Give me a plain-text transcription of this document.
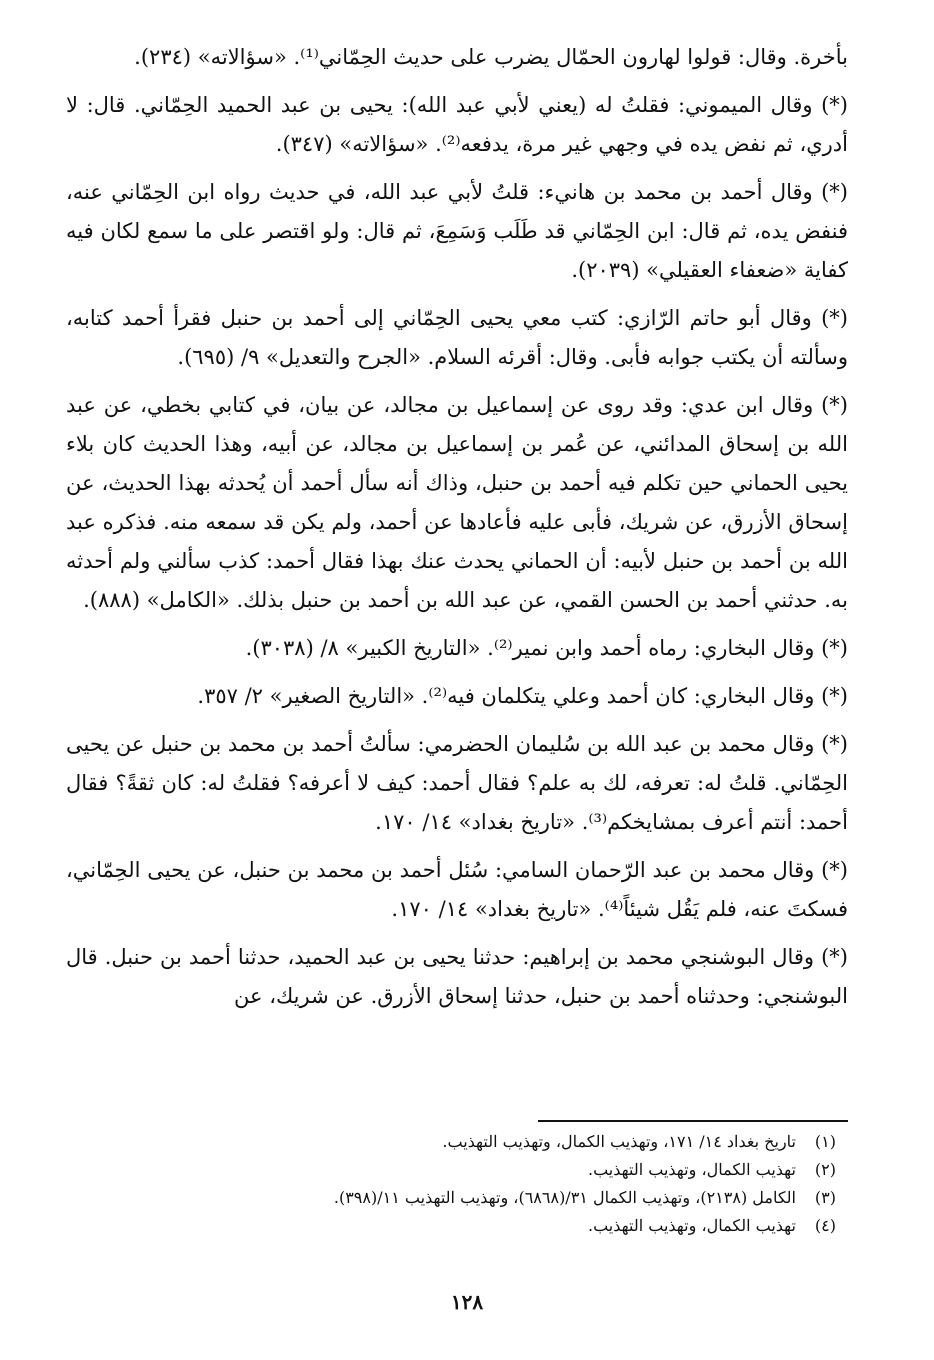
بأخرة. وقال: قولوا لهارون الحمّال يضرب على حديث الحِمّاني⁽¹⁾. «سؤالاته» (٢٣٤).

(*) وقال الميموني: فقلتُ له (يعني لأبي عبد الله): يحيى بن عبد الحميد الحِمّاني. قال: لا أدري، ثم نفض يده في وجهي غير مرة، يدفعه⁽²⁾. «سؤالاته» (٣٤٧).

(*) وقال أحمد بن محمد بن هانيء: قلتُ لأبي عبد الله، في حديث رواه ابن الحِمّاني عنه، فنفض يده، ثم قال: ابن الحِمّاني قد طَلَب وَسَمِعَ، ثم قال: ولو اقتصر على ما سمع لكان فيه كفاية «ضعفاء العقيلي» (٢٠٣٩).

(*) وقال أبو حاتم الرّازي: كتب معي يحيى الحِمّاني إلى أحمد بن حنبل فقرأ أحمد كتابه، وسألته أن يكتب جوابه فأبى. وقال: أقرئه السلام. «الجرح والتعديل» ٩/ (٦٩٥).

(*) وقال ابن عدي: وقد روى عن إسماعيل بن مجالد، عن بيان، في كتابي بخطي، عن عبد الله بن إسحاق المدائني، عن عُمر بن إسماعيل بن مجالد، عن أبيه، وهذا الحديث كان بلاء يحيى الحماني حين تكلم فيه أحمد بن حنبل، وذاك أنه سأل أحمد أن يُحدثه بهذا الحديث، عن إسحاق الأزرق، عن شريك، فأبى عليه فأعادها عن أحمد، ولم يكن قد سمعه منه. فذكره عبد الله بن أحمد بن حنبل لأبيه: أن الحماني يحدث عنك بهذا فقال أحمد: كذب سألني ولم أحدثه به. حدثني أحمد بن الحسن القمي، عن عبد الله بن أحمد بن حنبل بذلك. «الكامل» (٨٨٨).

(*) وقال البخاري: رماه أحمد وابن نمير⁽²⁾. «التاريخ الكبير» ٨/ (٣٠٣٨).

(*) وقال البخاري: كان أحمد وعلي يتكلمان فيه⁽²⁾. «التاريخ الصغير» ٢/ ٣٥٧.

(*) وقال محمد بن عبد الله بن سُليمان الحضرمي: سألتُ أحمد بن محمد بن حنبل عن يحيى الحِمّاني. قلتُ له: تعرفه، لك به علم؟ فقال أحمد: كيف لا أعرفه؟ فقلتُ له: كان ثقةً؟ فقال أحمد: أنتم أعرف بمشايخكم⁽³⁾. «تاريخ بغداد» ١٤/ ١٧٠.

(*) وقال محمد بن عبد الرّحمان السامي: سُئل أحمد بن محمد بن حنبل، عن يحيى الحِمّاني، فسكتَ عنه، فلم يَقُل شيئاً⁽⁴⁾. «تاريخ بغداد» ١٤/ ١٧٠.

(*) وقال البوشنجي محمد بن إبراهيم: حدثنا يحيى بن عبد الحميد، حدثنا أحمد بن حنبل. قال البوشنجي: وحدثناه أحمد بن حنبل، حدثنا إسحاق الأزرق. عن شريك، عن

(١)
تاريخ بغداد ١٤/ ١٧١، وتهذيب الكمال، وتهذيب التهذيب.
(٢)
تهذيب الكمال، وتهذيب التهذيب.
(٣)
الكامل (٢١٣٨)، وتهذيب الكمال ٣١/(٦٨٦٨)، وتهذيب التهذيب ١١/(٣٩٨).
(٤)
تهذيب الكمال، وتهذيب التهذيب.
١٢٨
